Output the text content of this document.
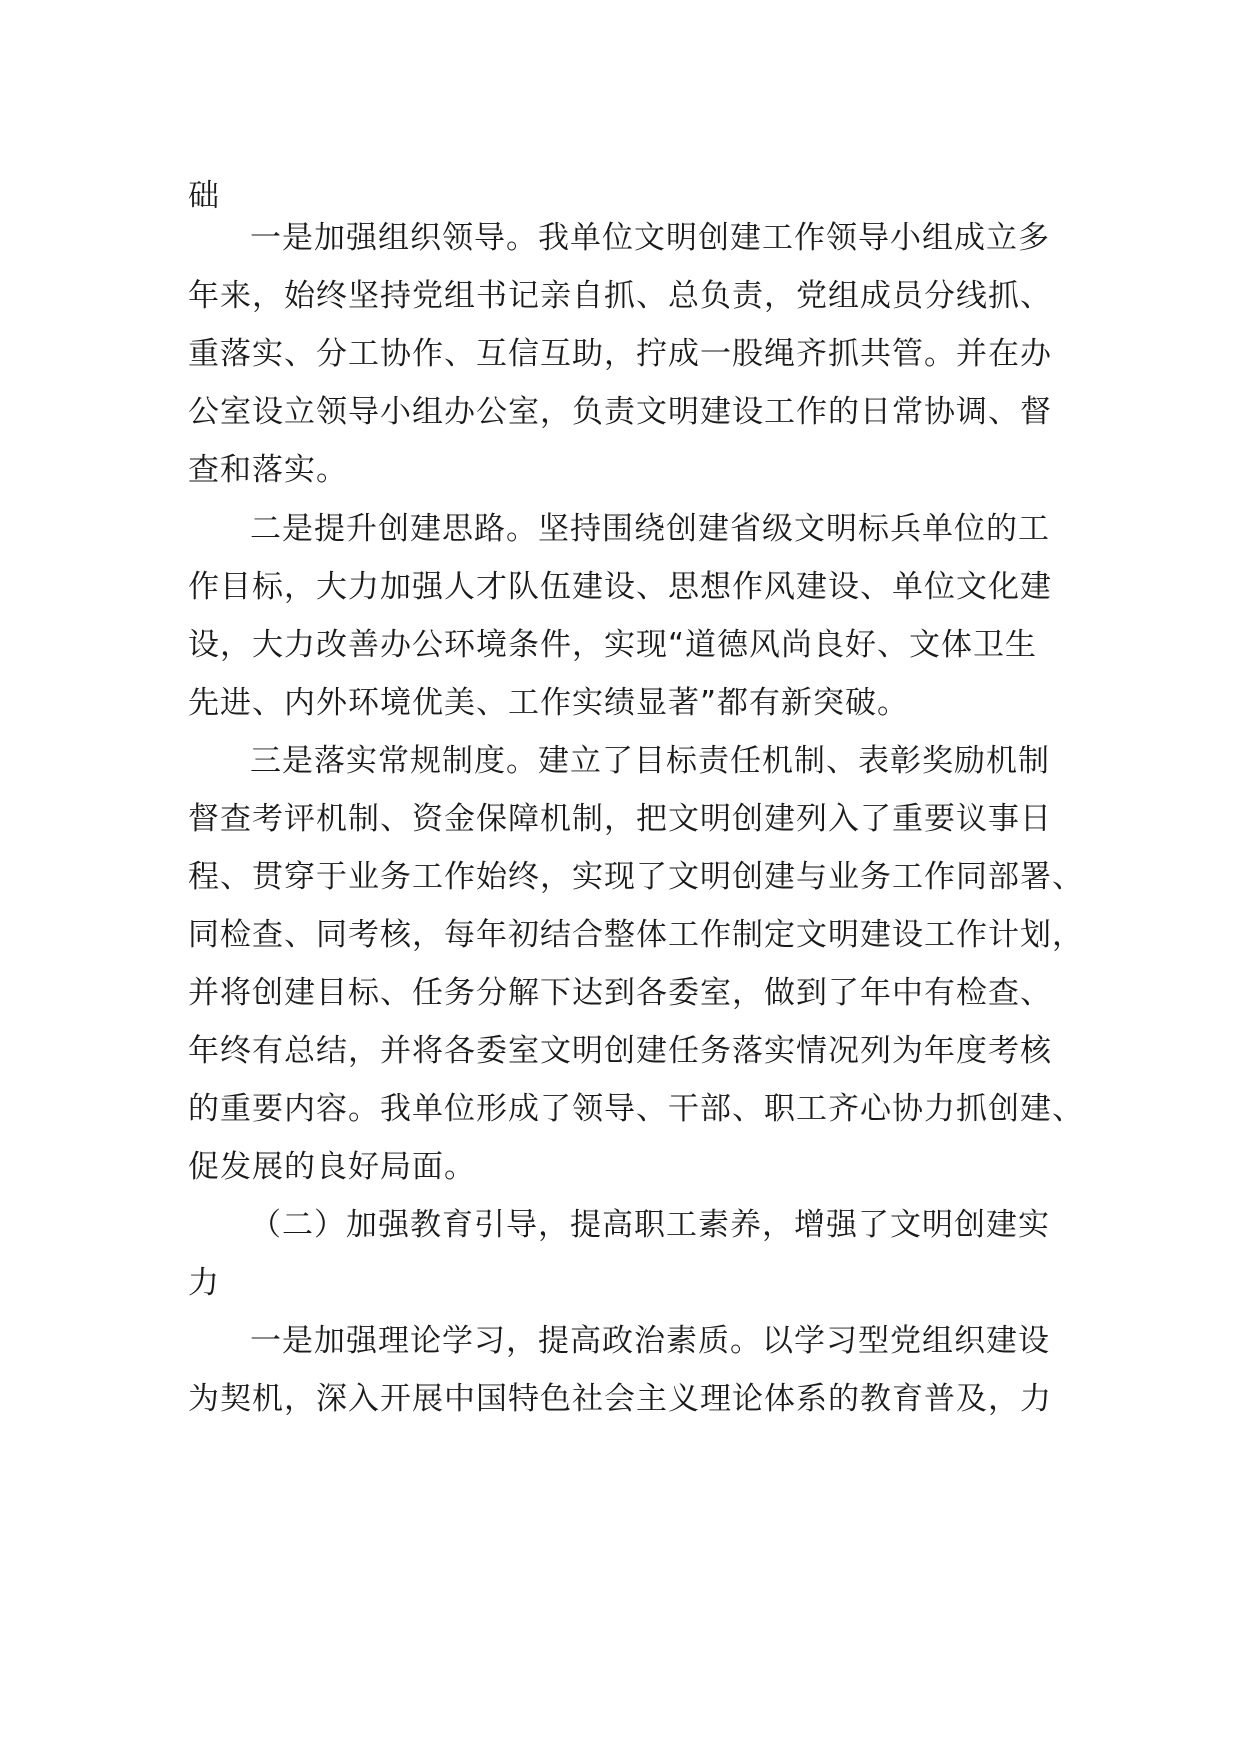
础
一是加强组织领导。我单位文明创建工作领导小组成立多
年来，始终坚持党组书记亲自抓、总负责，党组成员分线抓、
重落实、分工协作、互信互助，拧成一股绳齐抓共管。并在办
公室设立领导小组办公室，负责文明建设工作的日常协调、督
查和落实。
二是提升创建思路。坚持围绕创建省级文明标兵单位的工
作目标，大力加强人才队伍建设、思想作风建设、单位文化建
设，大力改善办公环境条件，实现“道德风尚良好、文体卫生
先进、内外环境优美、工作实绩显著”都有新突破。
三是落实常规制度。建立了目标责任机制、表彰奖励机制
督查考评机制、资金保障机制，把文明创建列入了重要议事日
程、贯穿于业务工作始终，实现了文明创建与业务工作同部署、
同检查、同考核，每年初结合整体工作制定文明建设工作计划，
并将创建目标、任务分解下达到各委室，做到了年中有检查、
年终有总结，并将各委室文明创建任务落实情况列为年度考核
的重要内容。我单位形成了领导、干部、职工齐心协力抓创建、
促发展的良好局面。
（二）加强教育引导，提高职工素养，增强了文明创建实
力
一是加强理论学习，提高政治素质。以学习型党组织建设
为契机，深入开展中国特色社会主义理论体系的教育普及，力
